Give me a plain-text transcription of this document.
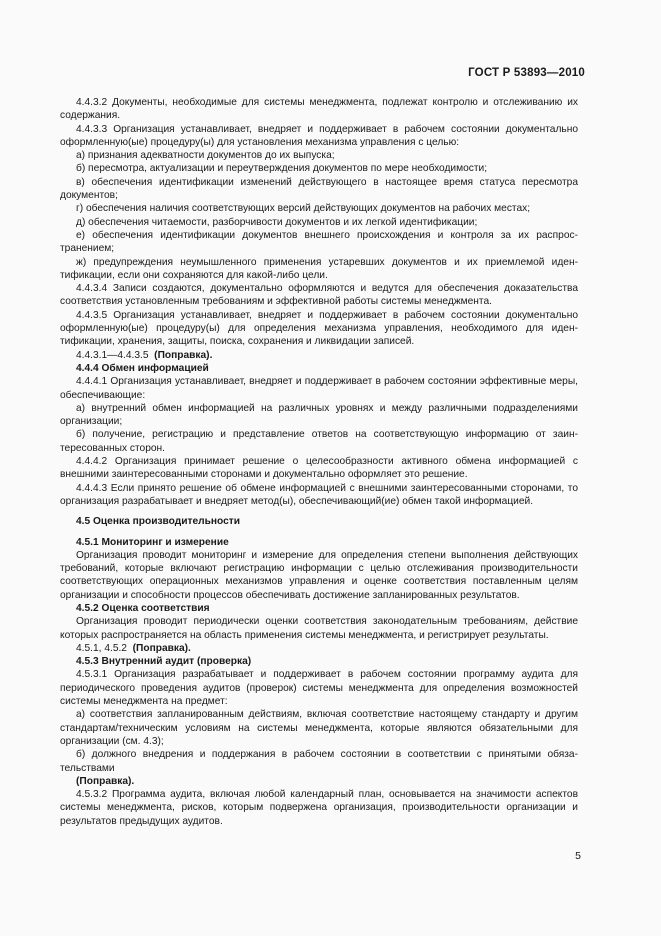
ГОСТ Р 53893—2010

4.4.3.2 Документы, необходимые для системы менеджмента, подлежат контролю и отслеживанию их содержания.

4.4.3.3 Организация устанавливает, внедряет и поддерживает в рабочем состоянии документально оформленную(ые) процедуру(ы) для установления механизма управления с целью:

а) признания адекватности документов до их выпуска;

б) пересмотра, актуализации и переутверждения документов по мере необходимости;

в) обеспечения идентификации изменений действующего в настоящее время статуса пересмотра документов;

г) обеспечения наличия соответствующих версий действующих документов на рабочих местах;

д) обеспечения читаемости, разборчивости документов и их легкой идентификации;

е) обеспечения идентификации документов внешнего происхождения и контроля за их распространением;

ж) предупреждения неумышленного применения устаревших документов и их приемлемой идентификации, если они сохраняются для какой-либо цели.

4.4.3.4 Записи создаются, документально оформляются и ведутся для обеспечения доказательства соответствия установленным требованиям и эффективной работы системы менеджмента.

4.4.3.5 Организация устанавливает, внедряет и поддерживает в рабочем состоянии документально оформленную(ые) процедуру(ы) для определения механизма управления, необходимого для идентификации, хранения, защиты, поиска, сохранения и ликвидации записей.

4.4.3.1—4.4.3.5 (Поправка).

4.4.4 Обмен информацией

4.4.4.1 Организация устанавливает, внедряет и поддерживает в рабочем состоянии эффективные меры, обеспечивающие:

а) внутренний обмен информацией на различных уровнях и между различными подразделениями организации;

б) получение, регистрацию и представление ответов на соответствующую информацию от заинтересованных сторон.

4.4.4.2 Организация принимает решение о целесообразности активного обмена информацией с внешними заинтересованными сторонами и документально оформляет это решение.

4.4.4.3 Если принято решение об обмене информацией с внешними заинтересованными сторонами, то организация разрабатывает и внедряет метод(ы), обеспечивающий(ие) обмен такой информацией.

4.5 Оценка производительности

4.5.1 Мониторинг и измерение

Организация проводит мониторинг и измерение для определения степени выполнения действующих требований, которые включают регистрацию информации с целью отслеживания производительности соответствующих операционных механизмов управления и оценке соответствия поставленным целям организации и способности процессов обеспечивать достижение запланированных результатов.

4.5.2 Оценка соответствия

Организация проводит периодически оценки соответствия законодательным требованиям, действие которых распространяется на область применения системы менеджмента, и регистрирует результаты.

4.5.1, 4.5.2 (Поправка).

4.5.3 Внутренний аудит (проверка)

4.5.3.1 Организация разрабатывает и поддерживает в рабочем состоянии программу аудита для периодического проведения аудитов (проверок) системы менеджмента для определения возможностей системы менеджмента на предмет:

а) соответствия запланированным действиям, включая соответствие настоящему стандарту и другим стандартам/техническим условиям на системы менеджмента, которые являются обязательными для организации (см. 4.3);

б) должного внедрения и поддержания в рабочем состоянии в соответствии с принятыми обязательствами

(Поправка).

4.5.3.2 Программа аудита, включая любой календарный план, основывается на значимости аспектов системы менеджмента, рисков, которым подвержена организация, производительности организации и результатов предыдущих аудитов.

5
